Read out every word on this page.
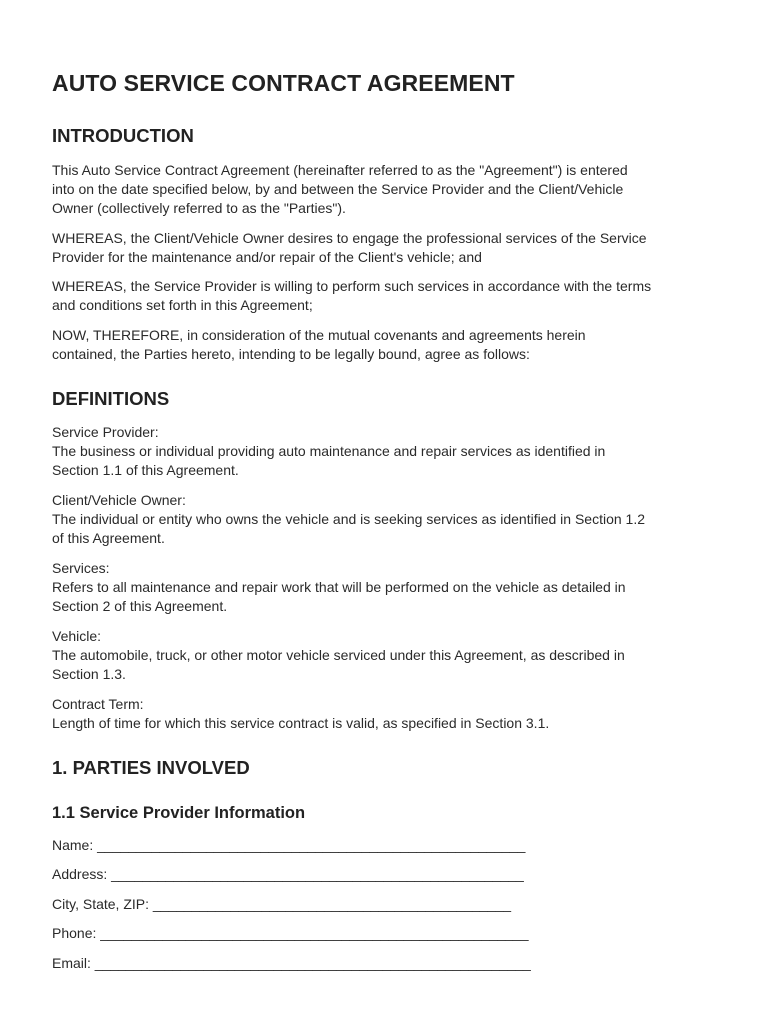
AUTO SERVICE CONTRACT AGREEMENT
INTRODUCTION

This Auto Service Contract Agreement (hereinafter referred to as the "Agreement") is entered

into on the date specified below, by and between the Service Provider and the Client/Vehicle

Owner (collectively referred to as the "Parties").

WHEREAS, the Client/Vehicle Owner desires to engage the professional services of the Service

Provider for the maintenance and/or repair of the Client's vehicle; and

WHEREAS, the Service Provider is willing to perform such services in accordance with the terms

and conditions set forth in this Agreement;

NOW, THEREFORE, in consideration of the mutual covenants and agreements herein

contained, the Parties hereto, intending to be legally bound, agree as follows:

DEFINITIONS

Service Provider:

The business or individual providing auto maintenance and repair services as identified in

Section 1.1 of this Agreement.

Client/Vehicle Owner:

The individual or entity who owns the vehicle and is seeking services as identified in Section 1.2

of this Agreement.

Services:

Refers to all maintenance and repair work that will be performed on the vehicle as detailed in

Section 2 of this Agreement.

Vehicle:

The automobile, truck, or other motor vehicle serviced under this Agreement, as described in

Section 1.3.

Contract Term:

Length of time for which this service contract is valid, as specified in Section 3.1.

1. PARTIES INVOLVED
1.1 Service Provider Information
Name: _______________________________________________________
Address: _____________________________________________________
City, State, ZIP: ______________________________________________
Phone: _______________________________________________________
Email: ________________________________________________________
